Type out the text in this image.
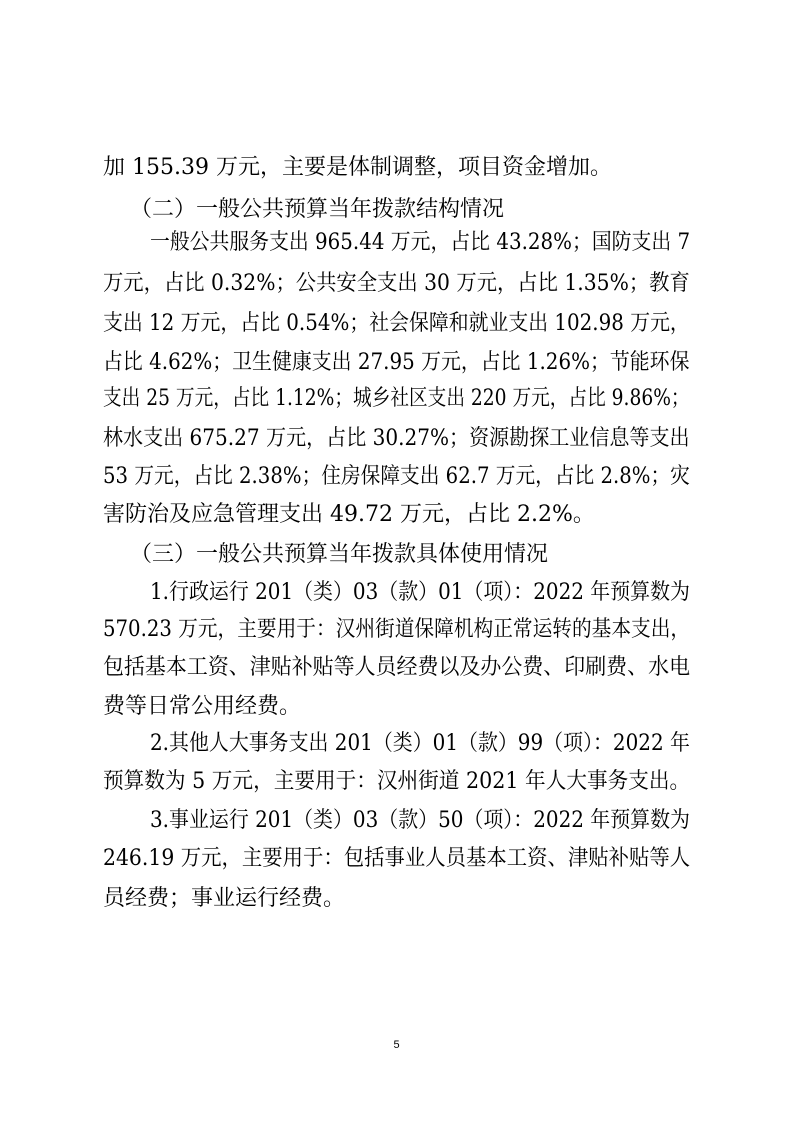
加 155.39 万元，主要是体制调整，项目资金增加。
（二）一般公共预算当年拨款结构情况
一般公共服务支出 965.44 万元，占比 43.28%；国防支出 7
万元，占比 0.32%；公共安全支出 30 万元，占比 1.35%；教育
支出 12 万元，占比 0.54%；社会保障和就业支出 102.98 万元，
占比 4.62%；卫生健康支出 27.95 万元，占比 1.26%；节能环保
支出 25 万元，占比 1.12%；城乡社区支出 220 万元，占比 9.86%；
林水支出 675.27 万元，占比 30.27%；资源勘探工业信息等支出
53 万元，占比 2.38%；住房保障支出 62.7 万元，占比 2.8%；灾
害防治及应急管理支出 49.72 万元，占比 2.2%。
（三）一般公共预算当年拨款具体使用情况
1.行政运行 201（类）03（款）01（项）：2022 年预算数为
570.23 万元，主要用于：汉州街道保障机构正常运转的基本支出，
包括基本工资、津贴补贴等人员经费以及办公费、印刷费、水电
费等日常公用经费。
2.其他人大事务支出 201（类）01（款）99（项）：2022 年
预算数为 5 万元，主要用于：汉州街道 2021 年人大事务支出。
3.事业运行 201（类）03（款）50（项）：2022 年预算数为
246.19 万元，主要用于：包括事业人员基本工资、津贴补贴等人
员经费；事业运行经费。
5
